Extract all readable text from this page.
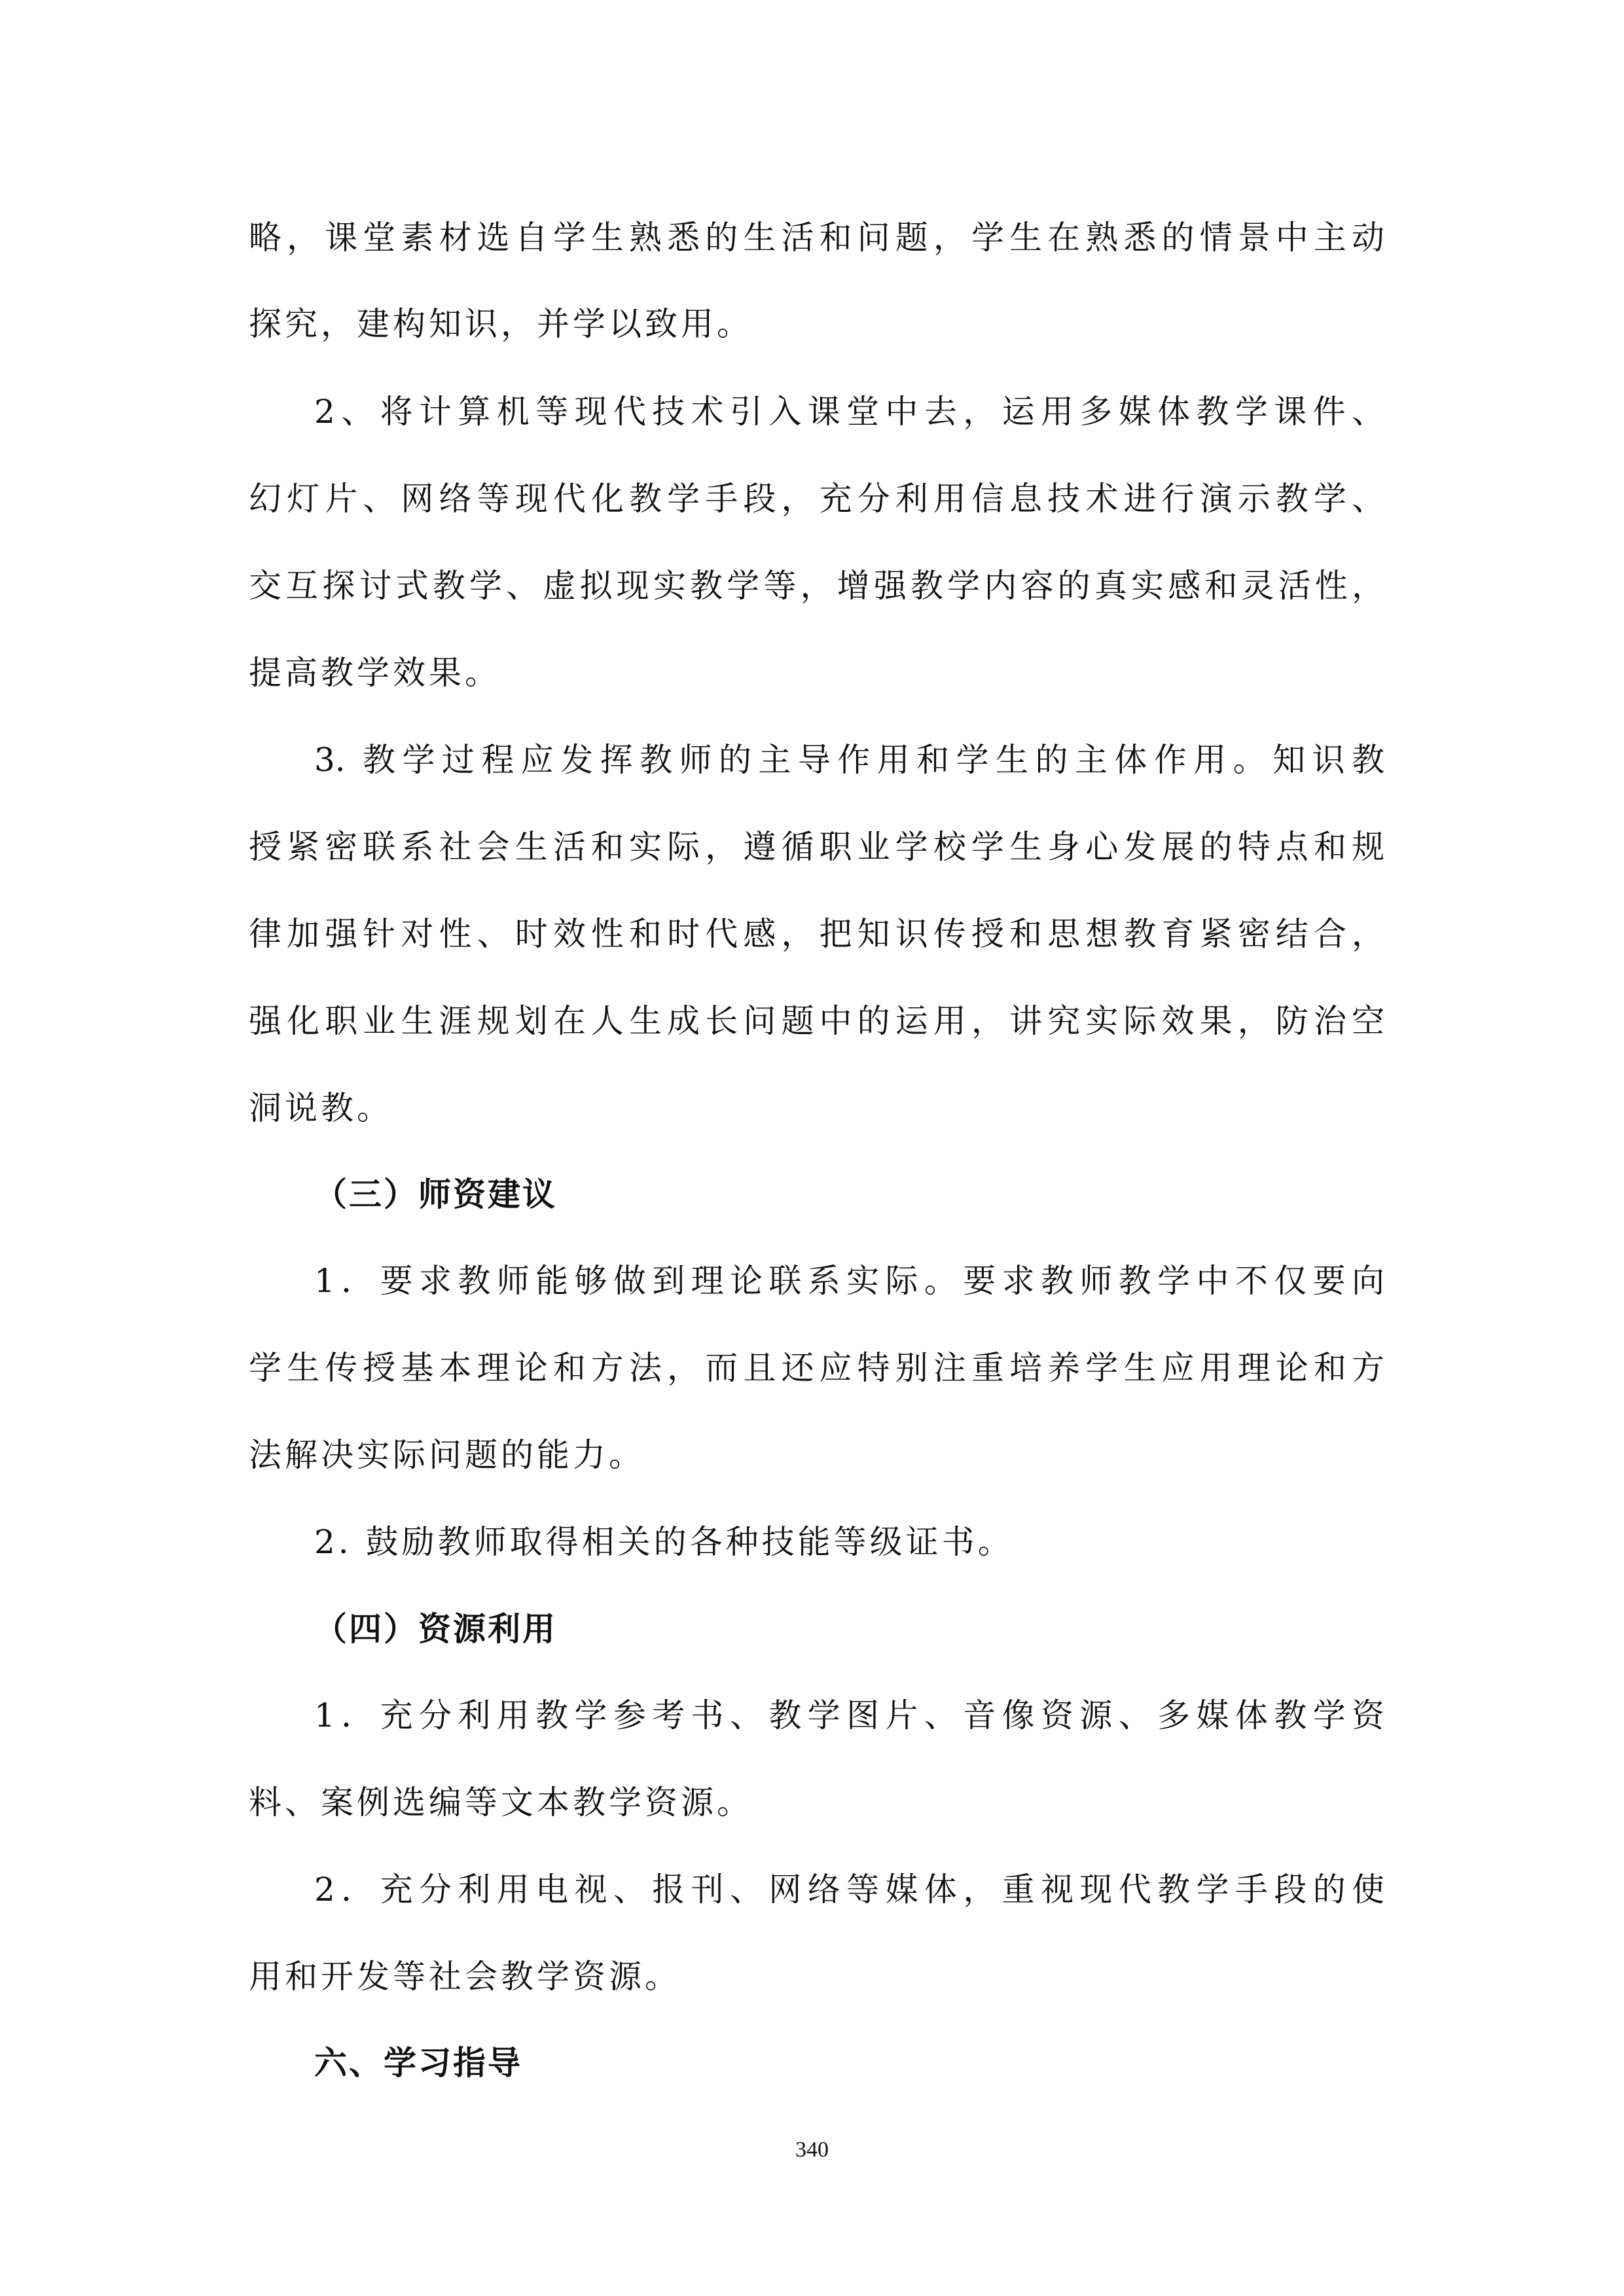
略，课堂素材选自学生熟悉的生活和问题，学生在熟悉的情景中主动
探究，建构知识，并学以致用。
2、将计算机等现代技术引入课堂中去，运用多媒体教学课件、
幻灯片、网络等现代化教学手段，充分利用信息技术进行演示教学、
交互探讨式教学、虚拟现实教学等，增强教学内容的真实感和灵活性，
提高教学效果。
3. 教学过程应发挥教师的主导作用和学生的主体作用。知识教
授紧密联系社会生活和实际，遵循职业学校学生身心发展的特点和规
律加强针对性、时效性和时代感，把知识传授和思想教育紧密结合，
强化职业生涯规划在人生成长问题中的运用，讲究实际效果，防治空
洞说教。
（三）师资建议
1．要求教师能够做到理论联系实际。要求教师教学中不仅要向
学生传授基本理论和方法，而且还应特别注重培养学生应用理论和方
法解决实际问题的能力。
2. 鼓励教师取得相关的各种技能等级证书。
（四）资源利用
1．充分利用教学参考书、教学图片、音像资源、多媒体教学资
料、案例选编等文本教学资源。
2．充分利用电视、报刊、网络等媒体，重视现代教学手段的使
用和开发等社会教学资源。
六、学习指导
340
